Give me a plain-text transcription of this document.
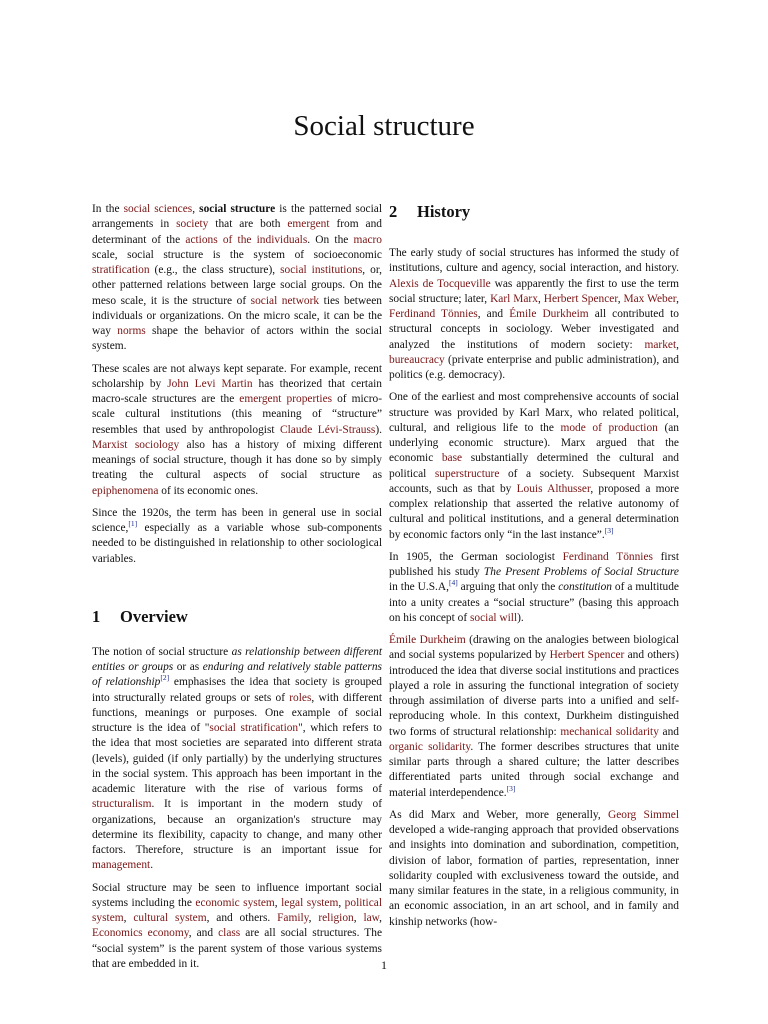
Social structure

In the social sciences, social structure is the patterned social arrangements in society that are both emergent from and determinant of the actions of the individuals. On the macro scale, social structure is the system of socioeconomic stratification (e.g., the class structure), social institutions, or, other patterned relations between large social groups. On the meso scale, it is the structure of social network ties between individuals or organizations. On the micro scale, it can be the way norms shape the behavior of actors within the social system.

These scales are not always kept separate. For example, recent scholarship by John Levi Martin has theorized that certain macro-scale structures are the emergent properties of micro-scale cultural institutions (this meaning of “structure” resembles that used by anthropologist Claude Lévi-Strauss). Marxist sociology also has a history of mixing different meanings of social structure, though it has done so by simply treating the cultural aspects of social structure as epiphenomena of its economic ones.

Since the 1920s, the term has been in general use in social science,[1] especially as a variable whose sub-components needed to be distinguished in relationship to other sociological variables.

1 Overview

The notion of social structure as relationship between different entities or groups or as enduring and relatively stable patterns of relationship[2] emphasises the idea that society is grouped into structurally related groups or sets of roles, with different functions, meanings or purposes. One example of social structure is the idea of "social stratification", which refers to the idea that most societies are separated into different strata (levels), guided (if only partially) by the underlying structures in the social system. This approach has been important in the academic literature with the rise of various forms of structuralism. It is important in the modern study of organizations, because an organization's structure may determine its flexibility, capacity to change, and many other factors. Therefore, structure is an important issue for management.

Social structure may be seen to influence important social systems including the economic system, legal system, political system, cultural system, and others. Family, religion, law, Economics economy, and class are all social structures. The “social system” is the parent system of those various systems that are embedded in it.

2 History

The early study of social structures has informed the study of institutions, culture and agency, social interaction, and history. Alexis de Tocqueville was apparently the first to use the term social structure; later, Karl Marx, Herbert Spencer, Max Weber, Ferdinand Tönnies, and Émile Durkheim all contributed to structural concepts in sociology. Weber investigated and analyzed the institutions of modern society: market, bureaucracy (private enterprise and public administration), and politics (e.g. democracy).

One of the earliest and most comprehensive accounts of social structure was provided by Karl Marx, who related political, cultural, and religious life to the mode of production (an underlying economic structure). Marx argued that the economic base substantially determined the cultural and political superstructure of a society. Subsequent Marxist accounts, such as that by Louis Althusser, proposed a more complex relationship that asserted the relative autonomy of cultural and political institutions, and a general determination by economic factors only “in the last instance”.[3]

In 1905, the German sociologist Ferdinand Tönnies first published his study The Present Problems of Social Structure in the U.S.A,[4] arguing that only the constitution of a multitude into a unity creates a “social structure” (basing this approach on his concept of social will).

Émile Durkheim (drawing on the analogies between biological and social systems popularized by Herbert Spencer and others) introduced the idea that diverse social institutions and practices played a role in assuring the functional integration of society through assimilation of diverse parts into a unified and self-reproducing whole. In this context, Durkheim distinguished two forms of structural relationship: mechanical solidarity and organic solidarity. The former describes structures that unite similar parts through a shared culture; the latter describes differentiated parts united through social exchange and material interdependence.[3]

As did Marx and Weber, more generally, Georg Simmel developed a wide-ranging approach that provided observations and insights into domination and subordination, competition, division of labor, formation of parties, representation, inner solidarity coupled with exclusiveness toward the outside, and many similar features in the state, in a religious community, in an economic association, in an art school, and in family and kinship networks (how-

1
